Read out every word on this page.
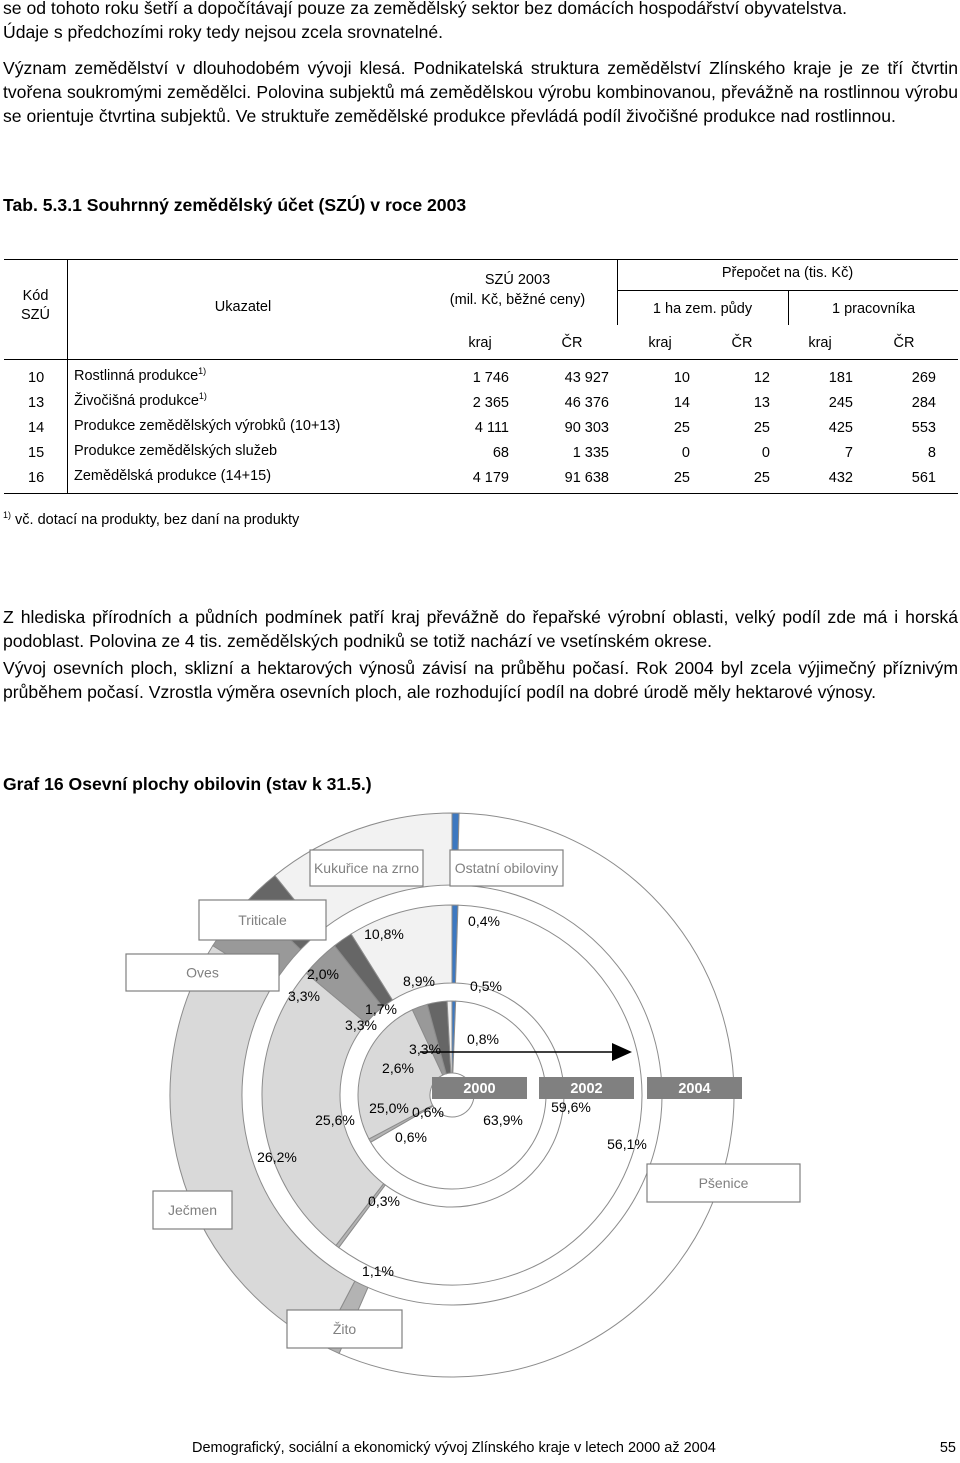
se od tohoto roku šetří a dopočítávají pouze za zemědělský sektor bez domácích hospodářství obyvatelstva.

Údaje s předchozími roky tedy nejsou zcela srovnatelné.

Význam zemědělství v dlouhodobém vývoji klesá. Podnikatelská struktura zemědělství Zlínského kraje je ze tří čtvrtin tvořena soukromými zemědělci. Polovina subjektů má zemědělskou výrobu kombinovanou, převážně na rostlinnou výrobu se orientuje čtvrtina subjektů. Ve struktuře zemědělské produkce převládá podíl živočišné produkce nad rostlinnou.

Tab. 5.3.1 Souhrnný zemědělský účet (SZÚ) v roce 2003

Kód
SZÚ	Ukazatel
SZÚ 2003
(mil. Kč, běžné ceny)
Přepočet na (tis. Kč)
1 ha zem. půdy	1 pracovníka
kraj	ČR	kraj	ČR	kraj	ČR
10 Rostlinná produkce$^{1)}$	1 746	43 927	10	12	181	269
13 Živočišná produkce$^{1)}$	2 365	46 376	14	13	245	284
14 Produkce zemědělských výrobků (10+13)	4 111	90 303	25	25	425	553
15 Produkce zemědělských služeb	68	1 335	0	0	7	8
16 Zemědělská produkce (14+15)	4 179	91 638	25	25	432	561
$^{1)}$ vč. dotací na produkty, bez daní na produkty

Z hlediska přírodních a půdních podmínek patří kraj převážně do řepařské výrobní oblasti, velký podíl zde má i horská podoblast. Polovina ze 4 tis. zemědělských podniků se totiž nachází ve vsetínském okrese.

Vývoj osevních ploch, sklizní a hektarových výnosů závisí na průběhu počasí. Rok 2004 byl zcela výjimečný příznivým průběhem počasí. Vzrostla výměra osevních ploch, ale rozhodující podíl na dobré úrodě měly hektarové výnosy.

Graf 16 Osevní plochy obilovin (stav k 31.5.)

2000	2002	2004
Kukuřice na zrno	Ostatní obiloviny
Triticale
Oves
Ječmen
Pšenice
Žito
63,9%
59,6%
56,1%
0,6%
0,3%
1,1%
25,0%
25,6%
26,2%
2,6%
3,3%
3,3%
3,3%
1,7%
2,0%
0,8%
8,9%
10,8%
0,6%
0,5%
0,4%
Demografický, sociální a ekonomický vývoj Zlínského kraje v letech 2000 až 2004	55
